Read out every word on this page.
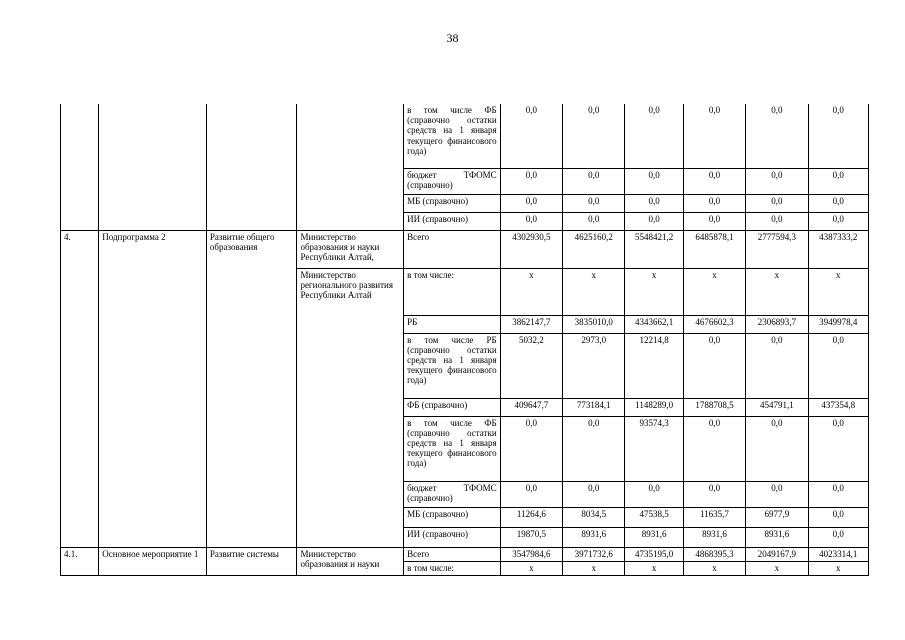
38
				в том числе ФБ (справочно остатки средств на 1 января текущего финансового года)	0,0	0,0	0,0	0,0	0,0	0,0
				бюджет ТФОМС (справочно)	0,0	0,0	0,0	0,0	0,0	0,0
				МБ (справочно)	0,0	0,0	0,0	0,0	0,0	0,0
				ИИ (справочно)	0,0	0,0	0,0	0,0	0,0	0,0
4.	Подпрограмма 2	Развитие общего образования	Министерство образования и науки Республики Алтай,	Всего	4302930,5	4625160,2	5548421,2	6485878,1	2777594,3	4387333,2
			Министерство регионального развития Республики Алтай	в том числе:	х	х	х	х	х	х
				РБ	3862147,7	3835010,0	4343662,1	4676602,3	2306893,7	3949978,4
				в том числе РБ (справочно остатки средств на 1 января текущего финансового года)	5032,2	2973,0	12214,8	0,0	0,0	0,0
				ФБ (справочно)	409647,7	773184,1	1148289,0	1788708,5	454791,1	437354,8
				в том числе ФБ (справочно остатки средств на 1 января текущего финансового года)	0,0	0,0	93574,3	0,0	0,0	0,0
				бюджет ТФОМС (справочно)	0,0	0,0	0,0	0,0	0,0	0,0
				МБ (справочно)	11264,6	8034,5	47538,5	11635,7	6977,9	0,0
				ИИ (справочно)	19870,5	8931,6	8931,6	8931,6	8931,6	0,0
4.1.	Основное мероприятие 1	Развитие системы	Министерство образования и науки	Всего	3547984,6	3971732,6	4735195,0	4868395,3	2049167,9	4023314,1
				в том числе:	х	х	х	х	х	х
